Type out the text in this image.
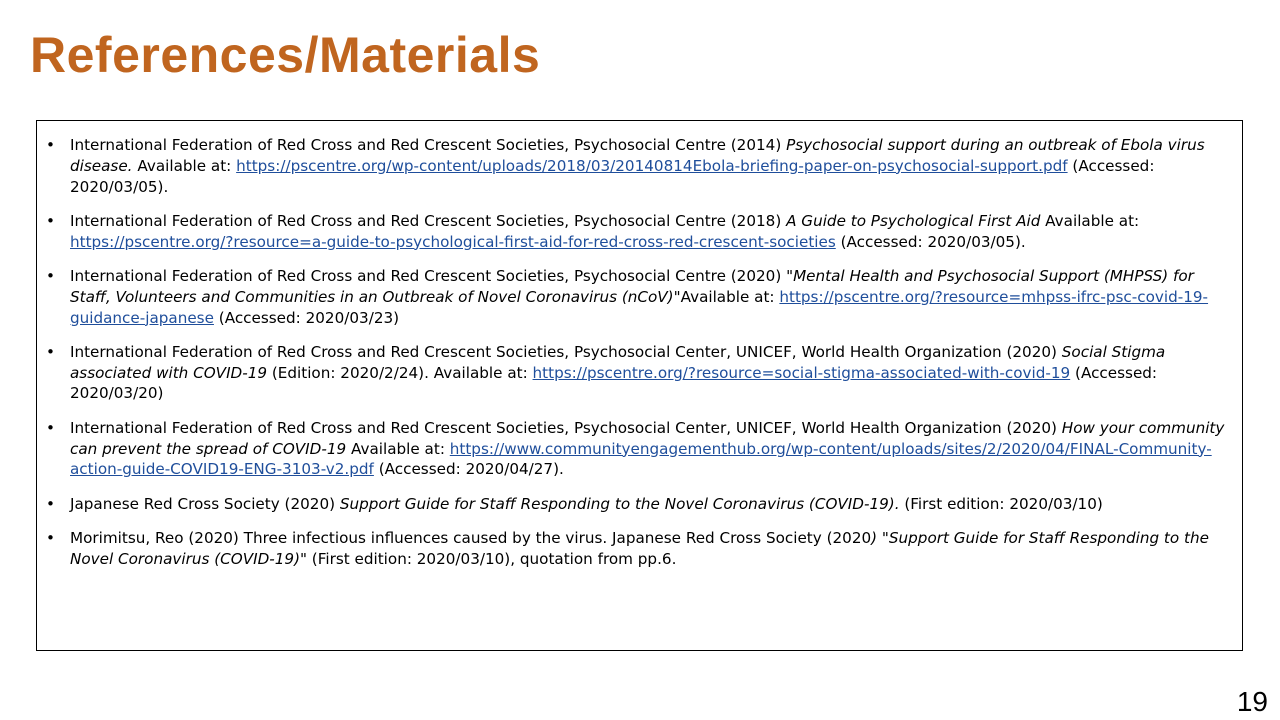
References/Materials
• International Federation of Red Cross and Red Crescent Societies, Psychosocial Centre (2014) Psychosocial support during an outbreak of Ebola virus disease. Available at: https://pscentre.org/wp-content/uploads/2018/03/20140814Ebola-briefing-paper-on-psychosocial-support.pdf (Accessed: 2020/03/05).
• International Federation of Red Cross and Red Crescent Societies, Psychosocial Centre (2018) A Guide to Psychological First Aid Available at: https://pscentre.org/?resource=a-guide-to-psychological-first-aid-for-red-cross-red-crescent-societies (Accessed: 2020/03/05).
• International Federation of Red Cross and Red Crescent Societies, Psychosocial Centre (2020) "Mental Health and Psychosocial Support (MHPSS) for Staff, Volunteers and Communities in an Outbreak of Novel Coronavirus (nCoV)"Available at: https://pscentre.org/?resource=mhpss-ifrc-psc-covid-19-guidance-japanese (Accessed: 2020/03/23)
• International Federation of Red Cross and Red Crescent Societies, Psychosocial Center, UNICEF, World Health Organization (2020) Social Stigma associated with COVID-19 (Edition: 2020/2/24). Available at: https://pscentre.org/?resource=social-stigma-associated-with-covid-19 (Accessed: 2020/03/20)
• International Federation of Red Cross and Red Crescent Societies, Psychosocial Center, UNICEF, World Health Organization (2020) How your community can prevent the spread of COVID-19 Available at: https://www.communityengagementhub.org/wp-content/uploads/sites/2/2020/04/FINAL-Community-action-guide-COVID19-ENG-3103-v2.pdf (Accessed: 2020/04/27).
• Japanese Red Cross Society (2020) Support Guide for Staff Responding to the Novel Coronavirus (COVID-19). (First edition: 2020/03/10)
• Morimitsu, Reo (2020) Three infectious influences caused by the virus. Japanese Red Cross Society (2020) "Support Guide for Staff Responding to the Novel Coronavirus (COVID-19)" (First edition: 2020/03/10), quotation from pp.6.
19
